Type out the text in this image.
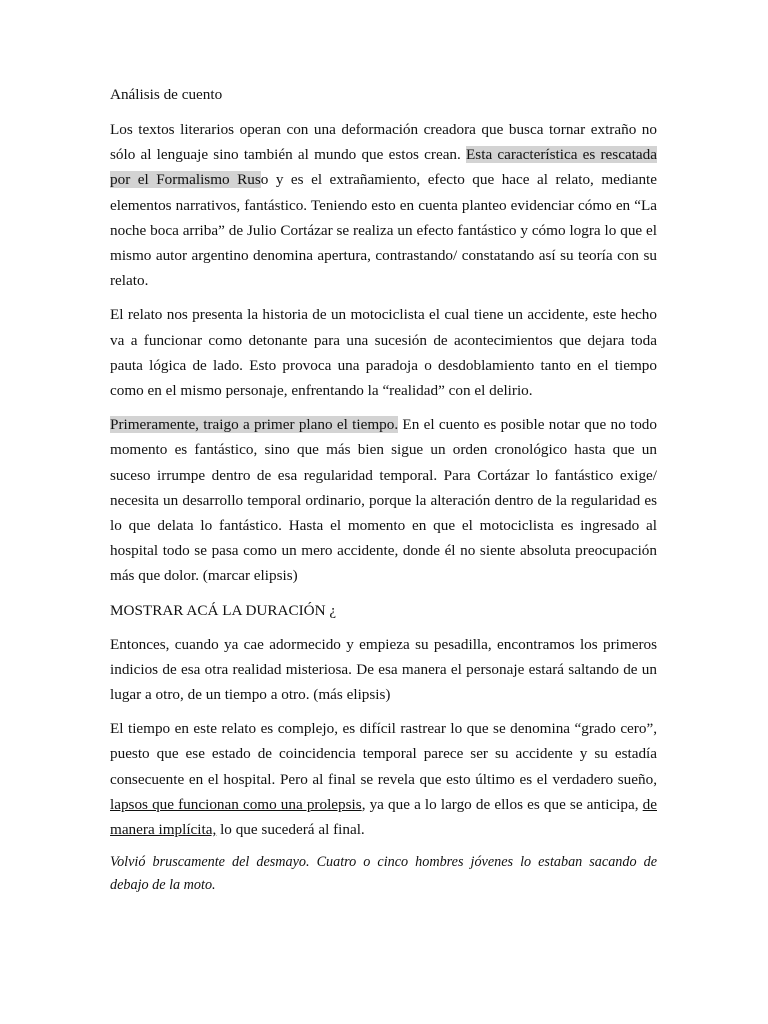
Análisis de cuento

Los textos literarios operan con una deformación creadora que busca tornar extraño no sólo al lenguaje sino también al mundo que estos crean. Esta característica es rescatada por el Formalismo Ruso y es el extrañamiento, efecto que hace al relato, mediante elementos narrativos, fantástico. Teniendo esto en cuenta planteo evidenciar cómo en “La noche boca arriba” de Julio Cortázar se realiza un efecto fantástico y cómo logra lo que el mismo autor argentino denomina apertura, contrastando/ constatando así su teoría con su relato.

El relato nos presenta la historia de un motociclista el cual tiene un accidente, este hecho va a funcionar como detonante para una sucesión de acontecimientos que dejara toda pauta lógica de lado. Esto provoca una paradoja o desdoblamiento tanto en el tiempo como en el mismo personaje, enfrentando la “realidad” con el delirio.

Primeramente, traigo a primer plano el tiempo. En el cuento es posible notar que no todo momento es fantástico, sino que más bien sigue un orden cronológico hasta que un suceso irrumpe dentro de esa regularidad temporal. Para Cortázar lo fantástico exige/ necesita un desarrollo temporal ordinario, porque la alteración dentro de la regularidad es lo que delata lo fantástico. Hasta el momento en que el motociclista es ingresado al hospital todo se pasa como un mero accidente, donde él no siente absoluta preocupación más que dolor. (marcar elipsis)

MOSTRAR ACÁ LA DURACIÓN ¿

Entonces, cuando ya cae adormecido y empieza su pesadilla, encontramos los primeros indicios de esa otra realidad misteriosa. De esa manera el personaje estará saltando de un lugar a otro, de un tiempo a otro. (más elipsis)

El tiempo en este relato es complejo, es difícil rastrear lo que se denomina “grado cero”, puesto que ese estado de coincidencia temporal parece ser su accidente y su estadía consecuente en el hospital. Pero al final se revela que esto último es el verdadero sueño, lapsos que funcionan como una prolepsis, ya que a lo largo de ellos es que se anticipa, de manera implícita, lo que sucederá al final.

Volvió bruscamente del desmayo. Cuatro o cinco hombres jóvenes lo estaban sacando de debajo de la moto.
